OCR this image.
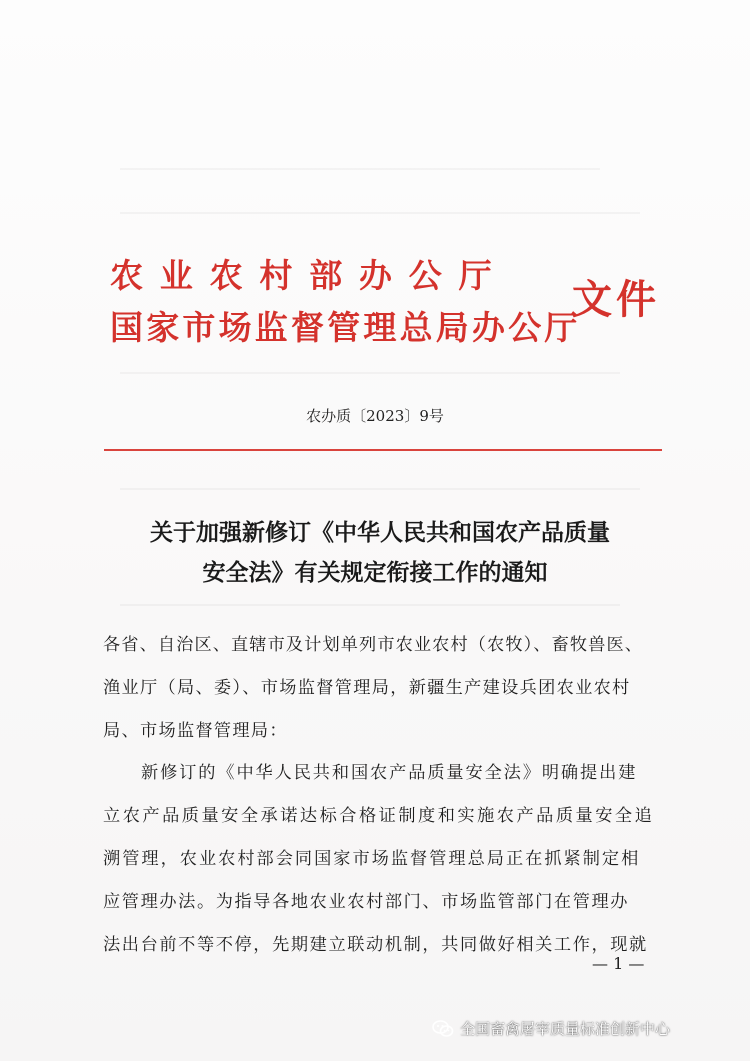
农业农村部办公厅
国家市场监督管理总局办公厅
文件
农办质〔2023〕9号
关于加强新修订《中华人民共和国农产品质量
安全法》有关规定衔接工作的通知
各省、自治区、直辖市及计划单列市农业农村（农牧）、畜牧兽医、
渔业厅（局、委）、市场监督管理局，新疆生产建设兵团农业农村
局、市场监督管理局：
新修订的《中华人民共和国农产品质量安全法》明确提出建
立农产品质量安全承诺达标合格证制度和实施农产品质量安全追
溯管理，农业农村部会同国家市场监督管理总局正在抓紧制定相
应管理办法。为指导各地农业农村部门、市场监管部门在管理办
法出台前不等不停，先期建立联动机制，共同做好相关工作，现就
— 1 —
全国畜禽屠宰质量标准创新中心
